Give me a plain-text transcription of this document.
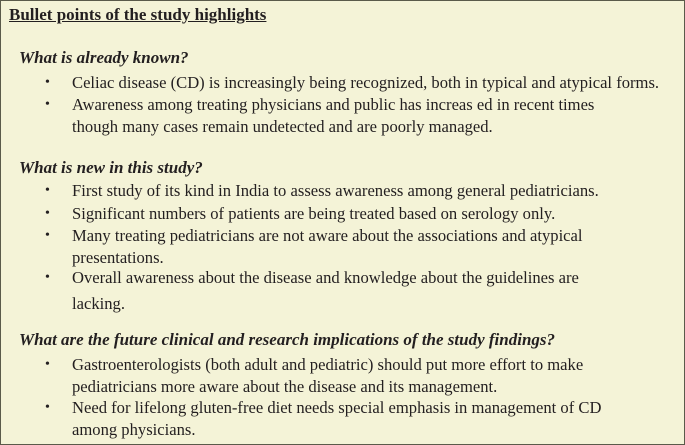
Bullet points of the study highlights
What is already known?
• Celiac disease (CD) is increasingly being recognized, both in typical and atypical forms.
• Awareness among treating physicians and public has increas ed in recent times
though many cases remain undetected and are poorly managed.
What is new in this study?
• First study of its kind in India to assess awareness among general pediatricians.
• Significant numbers of patients are being treated based on serology only.
• Many treating pediatricians are not aware about the associations and atypical
presentations.
• Overall awareness about the disease and knowledge about the guidelines are
lacking.
What are the future clinical and research implications of the study findings?
• Gastroenterologists (both adult and pediatric) should put more effort to make
pediatricians more aware about the disease and its management.
• Need for lifelong gluten-free diet needs special emphasis in management of CD
among physicians.
